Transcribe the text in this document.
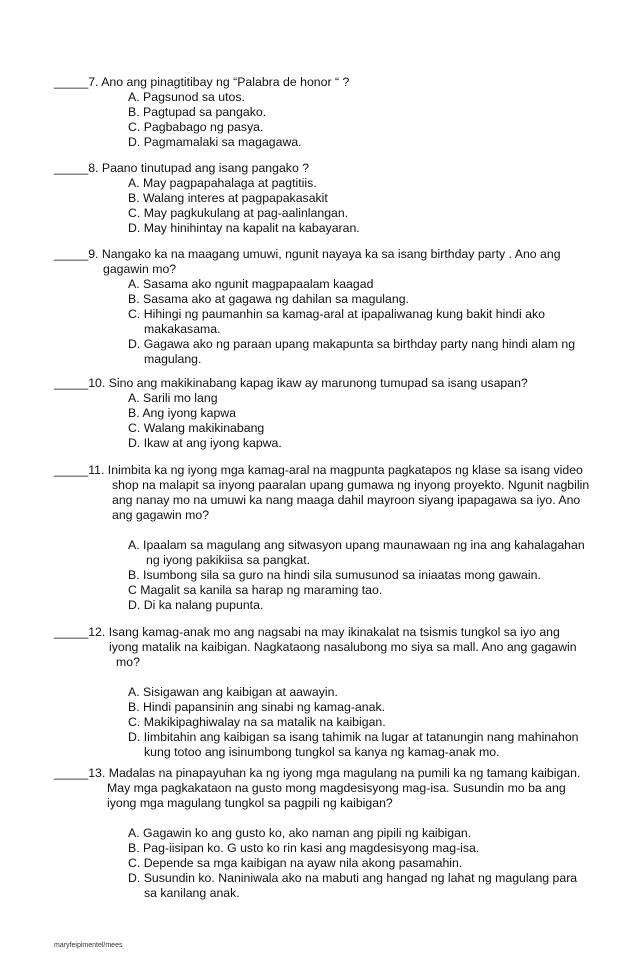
_____7. Ano ang pinagtitibay ng “Palabra de honor “ ?
A. Pagsunod sa utos.
B. Pagtupad sa pangako.
C. Pagbabago ng pasya.
D. Pagmamalaki sa magagawa.
_____8. Paano tinutupad ang isang pangako ?
A. May pagpapahalaga at pagtitiis.
B. Walang interes at pagpapakasakit
C. May pagkukulang at pag-aalinlangan.
D. May hinihintay na kapalit na kabayaran.
_____9. Nangako ka na maagang umuwi, ngunit nayaya ka sa isang birthday party . Ano ang
gagawin mo?
A. Sasama ako ngunit magpapaalam kaagad
B. Sasama ako at gagawa ng dahilan sa magulang.
C. Hihingi ng paumanhin sa kamag-aral at ipapaliwanag kung bakit hindi ako
makakasama.
D. Gagawa ako ng paraan upang makapunta sa birthday party nang hindi alam ng
magulang.
_____10. Sino ang makikinabang kapag ikaw ay marunong tumupad sa isang usapan?
A. Sarili mo lang
B. Ang iyong kapwa
C. Walang makikinabang
D. Ikaw at ang iyong kapwa.
_____11. Inimbita ka ng iyong mga kamag-aral na magpunta pagkatapos ng klase sa isang video
shop na malapit sa inyong paaralan upang gumawa ng inyong proyekto. Ngunit nagbilin
ang nanay mo na umuwi ka nang maaga dahil mayroon siyang ipapagawa sa iyo. Ano
ang gagawin mo?
A. Ipaalam sa magulang ang sitwasyon upang maunawaan ng ina ang kahalagahan
ng iyong pakikiisa sa pangkat.
B. Isumbong sila sa guro na hindi sila sumusunod sa iniaatas mong gawain.
C Magalit sa kanila sa harap ng maraming tao.
D. Di ka nalang pupunta.
_____12. Isang kamag-anak mo ang nagsabi na may ikinakalat na tsismis tungkol sa iyo ang
iyong matalik na kaibigan. Nagkataong nasalubong mo siya sa mall. Ano ang gagawin
mo?
A. Sisigawan ang kaibigan at aawayin.
B. Hindi papansinin ang sinabi ng kamag-anak.
C. Makikipaghiwalay na sa matalik na kaibigan.
D. Iimbitahin ang kaibigan sa isang tahimik na lugar at tatanungin nang mahinahon
kung totoo ang isinumbong tungkol sa kanya ng kamag-anak mo.
_____13. Madalas na pinapayuhan ka ng iyong mga magulang na pumili ka ng tamang kaibigan.
May mga pagkakataon na gusto mong magdesisyong mag-isa. Susundin mo ba ang
iyong mga magulang tungkol sa pagpili ng kaibigan?
A. Gagawin ko ang gusto ko, ako naman ang pipili ng kaibigan.
B. Pag-iisipan ko. G usto ko rin kasi ang magdesisyong mag-isa.
C. Depende sa mga kaibigan na ayaw nila akong pasamahin.
D. Susundin ko. Naniniwala ako na mabuti ang hangad ng lahat ng magulang para
sa kanilang anak.
maryfeipimentel/mees
